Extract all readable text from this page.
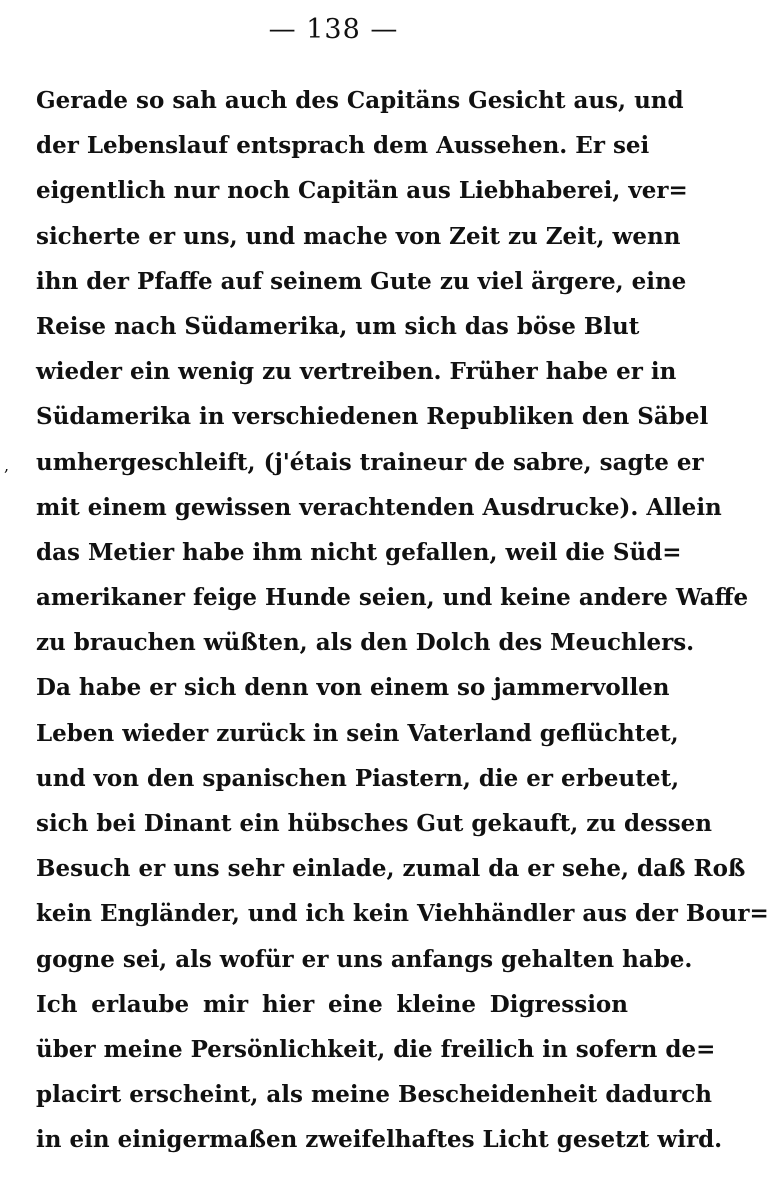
— 138 —
,
Gerade so sah auch des Capitäns Gesicht aus, und
der Lebenslauf entsprach dem Aussehen. Er sei
eigentlich nur noch Capitän aus Liebhaberei, ver=
sicherte er uns, und mache von Zeit zu Zeit, wenn
ihn der Pfaffe auf seinem Gute zu viel ärgere, eine
Reise nach Südamerika, um sich das böse Blut
wieder ein wenig zu vertreiben. Früher habe er in
Südamerika in verschiedenen Republiken den Säbel
umhergeschleift, (j'étais traineur de sabre, sagte er
mit einem gewissen verachtenden Ausdrucke). Allein
das Metier habe ihm nicht gefallen, weil die Süd=
amerikaner feige Hunde seien, und keine andere Waffe
zu brauchen wüßten, als den Dolch des Meuchlers.
Da habe er sich denn von einem so jammervollen
Leben wieder zurück in sein Vaterland geflüchtet,
und von den spanischen Piastern, die er erbeutet,
sich bei Dinant ein hübsches Gut gekauft, zu dessen
Besuch er uns sehr einlade, zumal da er sehe, daß Roß
kein Engländer, und ich kein Viehhändler aus der Bour=
gogne sei, als wofür er uns anfangs gehalten habe.
Ich erlaube mir hier eine kleine Digression
über meine Persönlichkeit, die freilich in sofern de=
placirt erscheint, als meine Bescheidenheit dadurch
in ein einigermaßen zweifelhaftes Licht gesetzt wird.
